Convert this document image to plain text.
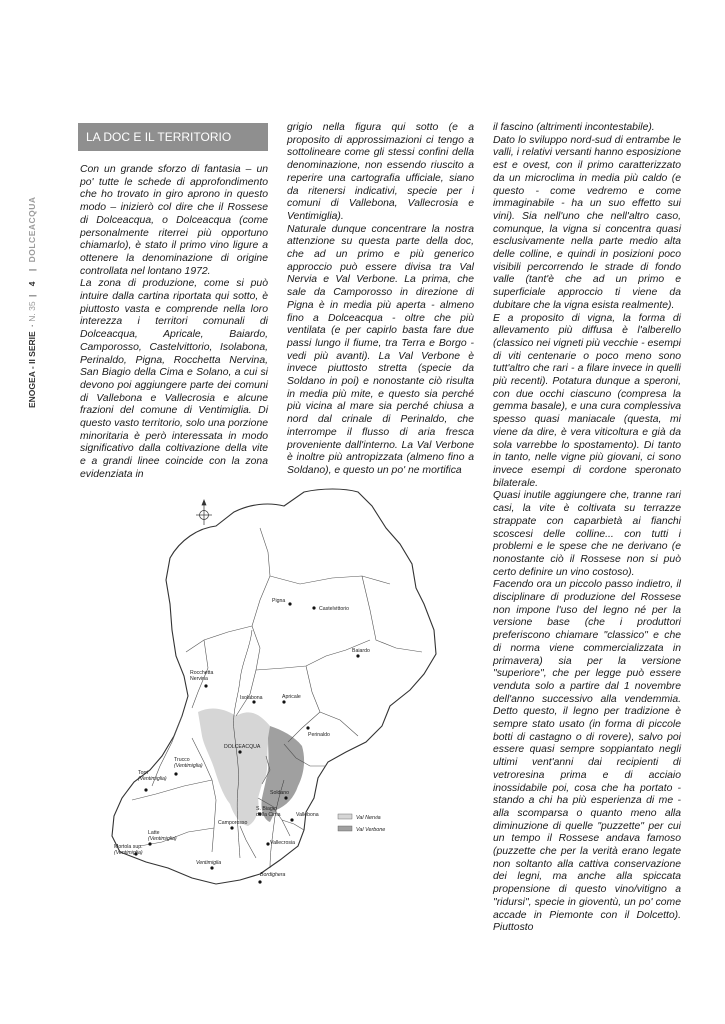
ENOGEA - II SERIE · N. 35 | 4 | DOLCEACQUA
LA DOC E IL TERRITORIO

Con un grande sforzo di fantasia – un po' tutte le schede di approfondimento che ho trovato in giro aprono in questo modo – inizierò col dire che il Rossese di Dolceacqua, o Dolceacqua (come personalmente riterrei più opportuno chiamarlo), è stato il primo vino ligure a ottenere la denominazione di origine controllata nel lontano 1972.

La zona di produzione, come si può intuire dalla cartina riportata qui sotto, è piuttosto vasta e comprende nella loro interezza i territori comunali di Dolceacqua, Apricale, Baiardo, Camporosso, Castelvittorio, Isolabona, Perinaldo, Pigna, Rocchetta Nervina, San Biagio della Cima e Solano, a cui si devono poi aggiungere parte dei comuni di Vallebona e Vallecrosia e alcune frazioni del comune di Ventimiglia. Di questo vasto territorio, solo una porzione minoritaria è però interessata in modo significativo dalla coltivazione della vite e a grandi linee coincide con la zona evidenziata in

grigio nella figura qui sotto (e a proposito di approssimazioni ci tengo a sottolineare come gli stessi confini della denominazione, non essendo riuscito a reperire una cartografia ufficiale, siano da ritenersi indicativi, specie per i comuni di Vallebona, Vallecrosia e Ventimiglia).

Naturale dunque concentrare la nostra attenzione su questa parte della doc, che ad un primo e più generico approccio può essere divisa tra Val Nervia e Val Verbone. La prima, che sale da Camporosso in direzione di Pigna è in media più aperta - almeno fino a Dolceacqua - oltre che più ventilata (e per capirlo basta fare due passi lungo il fiume, tra Terra e Borgo - vedi più avanti). La Val Verbone è invece piuttosto stretta (specie da Soldano in poi) e nonostante ciò risulta in media più mite, e questo sia perché più vicina al mare sia perché chiusa a nord dal crinale di Perinaldo, che interrompe il flusso di aria fresca proveniente dall'interno. La Val Verbone è inoltre più antropizzata (almeno fino a Soldano), e questo un po' ne mortifica

il fascino (altrimenti incontestabile).

Dato lo sviluppo nord-sud di entrambe le valli, i relativi versanti hanno esposizione est e ovest, con il primo caratterizzato da un microclima in media più caldo (e questo - come vedremo e come immaginabile - ha un suo effetto sui vini). Sia nell'uno che nell'altro caso, comunque, la vigna si concentra quasi esclusivamente nella parte medio alta delle colline, e quindi in posizioni poco visibili percorrendo le strade di fondo valle (tant'è che ad un primo e superficiale approccio ti viene da dubitare che la vigna esista realmente).

E a proposito di vigna, la forma di allevamento più diffusa è l'alberello (classico nei vigneti più vecchie - esempi di viti centenarie o poco meno sono tutt'altro che rari - a filare invece in quelli più recenti). Potatura dunque a speroni, con due occhi ciascuno (compresa la gemma basale), e una cura complessiva spesso quasi maniacale (questa, mi viene da dire, è vera viticoltura e già da sola varrebbe lo spostamento). Di tanto in tanto, nelle vigne più giovani, ci sono invece esempi di cordone speronato bilaterale.

Quasi inutile aggiungere che, tranne rari casi, la vite è coltivata su terrazze strappate con caparbietà ai fianchi scoscesi delle colline... con tutti i problemi e le spese che ne derivano (e nonostante ciò il Rossese non si può certo definire un vino costoso).

Facendo ora un piccolo passo indietro, il disciplinare di produzione del Rossese non impone l'uso del legno né per la versione base (che i produttori preferiscono chiamare "classico" e che di norma viene commercializzata in primavera) sia per la versione "superiore", che per legge può essere venduta solo a partire dal 1 novembre dell'anno successivo alla vendemmia. Detto questo, il legno per tradizione è sempre stato usato (in forma di piccole botti di castagno o di rovere), salvo poi essere quasi sempre soppiantato negli ultimi vent'anni dai recipienti di vetroresina prima e di acciaio inossidabile poi, cosa che ha portato - stando a chi ha più esperienza di me - alla scomparsa o quanto meno alla diminuzione di quelle "puzzette" per cui un tempo il Rossese andava famoso (puzzette che per la verità erano legate non soltanto alla cattiva conservazione dei legni, ma anche alla spiccata propensione di questo vino/vitigno a "ridursi", specie in gioventù, un po' come accade in Piemonte con il Dolcetto). Piuttosto

Val Nervia
Val Verbone
Pigna
Castelvittorio
Baiardo
Rocchetta
Nervina
Isolabona	Apricale
Perinaldo
DOLCEACQUA
Trucco
(Ventimiglia)
Torri
(Ventimiglia)
Soldano
S. Biagio
della Cima	Vallebona
Camporosso
Latte
(Ventimiglia)
Mortola sup.
(Ventimiglia)
Vallecrosia
Ventimiglia
Bordighera
